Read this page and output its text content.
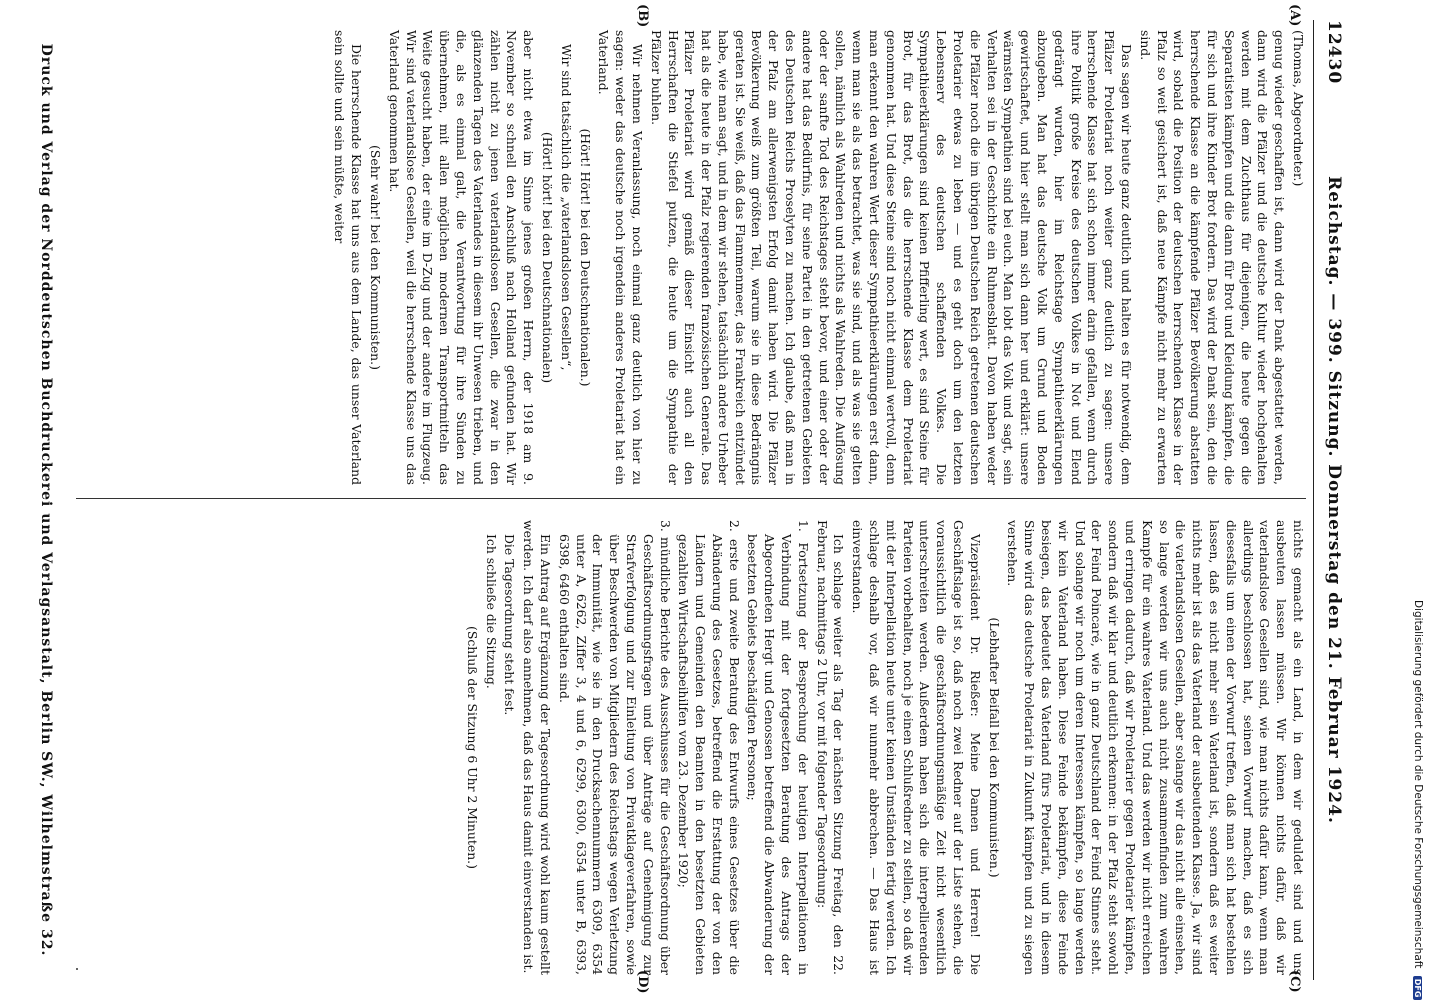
12430
Reichstag. — 399. Sitzung. Donnerstag den 21. Februar 1924.
(A)
(B)
(C)
(D)

(Thomas, Abgeordneter.)

genug wieder geschaffen ist, dann wird der Dank abgestattet werden, dann wird die Pfälzer und die deutsche Kultur wieder hochgehalten werden mit dem Zuchthaus für diejenigen, die heute gegen die Separatisten kämpfen und die dann für Brot und Kleidung kämpfen, die für sich und ihre Kinder Brot fordern. Das wird der Dank sein, den die herrschende Klasse an die kämpfende Pfälzer Bevölkerung abstatten wird, sobald die Position der deutschen herrschenden Klasse in der Pfalz so weit gesichert ist, daß neue Kämpfe nicht mehr zu erwarten sind.

Das sagen wir heute ganz deutlich und halten es für notwendig, dem Pfälzer Proletariat noch weiter ganz deutlich zu sagen: unsere herrschende Klasse hat sich schon immer darin gefallen, wenn durch ihre Politik große Kreise des deutschen Volkes in Not und Elend gedrängt wurden, hier im Reichstage Sympathieerklärungen abzugeben. Man hat das deutsche Volk um Grund und Boden gewirtschaftet, und hier stellt man sich dann her und erklärt: unsere wärmsten Sympathien sind bei euch. Man lobt das Volk und sagt, sein Verhalten sei in der Geschichte ein Ruhmesblatt. Davon haben weder die Pfälzer noch die im übrigen Deutschen Reich getretenen deutschen Proletarier etwas zu leben — und es geht doch um den letzten Lebensnerv des deutschen schaffenden Volkes. Die Sympathieerklärungen sind keinen Pfifferling wert, es sind Steine für Brot, für das Brot, das die herrschende Klasse dem Proletariat genommen hat. Und diese Steine sind noch nicht einmal wertvoll, denn man erkennt den wahren Wert dieser Sympathieerklärungen erst dann, wenn man sie als das betrachtet, was sie sind, und als was sie gelten sollen, nämlich als Wahlreden und nichts als Wahlreden. Die Auflösung oder der sanfte Tod des Reichstages steht bevor, und einer oder der andere hat das Bedürfnis, für seine Partei in den getretenen Gebieten des Deutschen Reichs Proselyten zu machen. Ich glaube, daß man in der Pfalz am allerwenigsten Erfolg damit haben wird. Die Pfälzer Bevölkerung weiß zum größten Teil, warum sie in diese Bedrängnis geraten ist. Sie weiß, daß das Flammenmeer, das Frankreich entzündet habe, wie man sagt, und in dem wir stehen, tatsächlich andere Urheber hat als die heute in der Pfalz regierenden französischen Generale. Das Pfälzer Proletariat wird gemäß dieser Einsicht auch all den Herrschaften die Stiefel putzen, die heute um die Sympathie der Pfälzer buhlen.

Wir nehmen Veranlassung, noch einmal ganz deutlich von hier zu sagen: weder das deutsche noch irgendein anderes Proletariat hat ein Vaterland.

(Hört! Hört! bei den Deutschnationalen.)

Wir sind tatsächlich die „vaterlandslosen Gesellen“,

(Hört! hört! bei den Deutschnationalen)

aber nicht etwa im Sinne jenes großen Herrn, der 1918 am 9. November so schnell den Anschluß nach Holland gefunden hat. Wir zählen nicht zu jenen vaterlandslosen Gesellen, die zwar in den glänzenden Tagen des Vaterlandes in diesem ihr Unwesen trieben, und die, als es einmal galt, die Verantwortung für ihre Sünden zu übernehmen, mit allen möglichen modernen Transportmitteln das Weite gesucht haben, der eine im D-Zug und der andere im Flugzeug. Wir sind vaterlandslose Gesellen, weil die herrschende Klasse uns das Vaterland genommen hat.

(Sehr wahr! bei den Kommunisten.)

Die herrschende Klasse hat uns aus dem Lande, das unser Vaterland sein sollte und sein müßte, weiter

nichts gemacht als ein Land, in dem wir geduldet sind und uns ausbeuten lassen müssen. Wir können nichts dafür, daß wir vaterlandslose Gesellen sind, wie man nichts dafür kann, wenn man allerdings beschlossen hat, seinen Vorwurf machen, daß es sich diesesfalls um einen der Vorwurf treffen, daß man sich hat bestehlen lassen, daß es nicht mehr sein Vaterland ist, sondern daß es weiter nichts mehr ist als das Vaterland der ausbeutenden Klasse. Ja, wir sind die vaterlandslosen Gesellen, aber solange wir das nicht alle einsehen, so lange werden wir uns auch nicht zusammenfinden zum wahren Kampfe für ein wahres Vaterland. Und das werden wir nicht erreichen und erringen dadurch, daß wir Proletarier gegen Proletarier kämpfen, sondern daß wir klar und deutlich erkennen: in der Pfalz steht sowohl der Feind Poincaré, wie in ganz Deutschland der Feind Stinnes steht. Und solange wir noch um deren Interessen kämpfen, so lange werden wir kein Vaterland haben. Diese Feinde bekämpfen, diese Feinde besiegen, das bedeutet das Vaterland fürs Proletariat, und in diesem Sinne wird das deutsche Proletariat in Zukunft kämpfen und zu siegen verstehen.

(Lebhafter Beifall bei den Kommunisten.)

Vizepräsident Dr. Rießer: Meine Damen und Herren! Die Geschäftslage ist so, daß noch zwei Redner auf der Liste stehen, die voraussichtlich die geschäftsordnungsmäßige Zeit nicht wesentlich unterschreiten werden. Außerdem haben sich die interpellierenden Parteien vorbehalten, noch je einen Schlußredner zu stellen, so daß wir mit der Interpellation heute unter keinen Umständen fertig werden. Ich schlage deshalb vor, daß wir nunmehr abbrechen. — Das Haus ist einverstanden.

Ich schlage weiter als Tag der nächsten Sitzung Freitag, den 22. Februar, nachmittags 2 Uhr, vor mit folgender Tagesordnung:

1. Fortsetzung der Besprechung der heutigen Interpellationen in Verbindung mit der fortgesetzten Beratung des Antrags der Abgeordneten Hergt und Genossen betreffend die Abwanderung der besetzten Gebiets beschädigten Personen;

2. erste und zweite Beratung des Entwurfs eines Gesetzes über die Abänderung des Gesetzes, betreffend die Erstattung der von den Ländern und Gemeinden den Beamten in den besetzten Gebieten gezahlten Wirtschaftsbeihilfen vom 23. Dezember 1920;

3. mündliche Berichte des Ausschusses für die Geschäftsordnung über Geschäftsordnungsfragen und über Anträge auf Genehmigung zur Strafverfolgung und zur Einleitung von Privatklageverfahren, sowie über Beschwerden von Mitgliedern des Reichstags wegen Verletzung der Immunität, wie sie in den Drucksachennummern 6309, 6354 unter A, 6262, Ziffer 3, 4 und 6, 6299, 6300, 6354 unter B, 6393, 6398, 6460 enthalten sind.

Ein Antrag auf Ergänzung der Tagesordnung wird wohl kaum gestellt werden. Ich darf also annehmen, daß das Haus damit einverstanden ist.

Die Tagesordnung steht fest.

Ich schließe die Sitzung.

(Schluß der Sitzung 6 Uhr 2 Minuten.)

Druck und Verlag der Norddeutschen Buchdruckerei und Verlagsanstalt, Berlin SW., Wilhelmstraße 32.	Digitalisierung gefördert durch die Deutsche Forschungsgemeinschaft DFG
